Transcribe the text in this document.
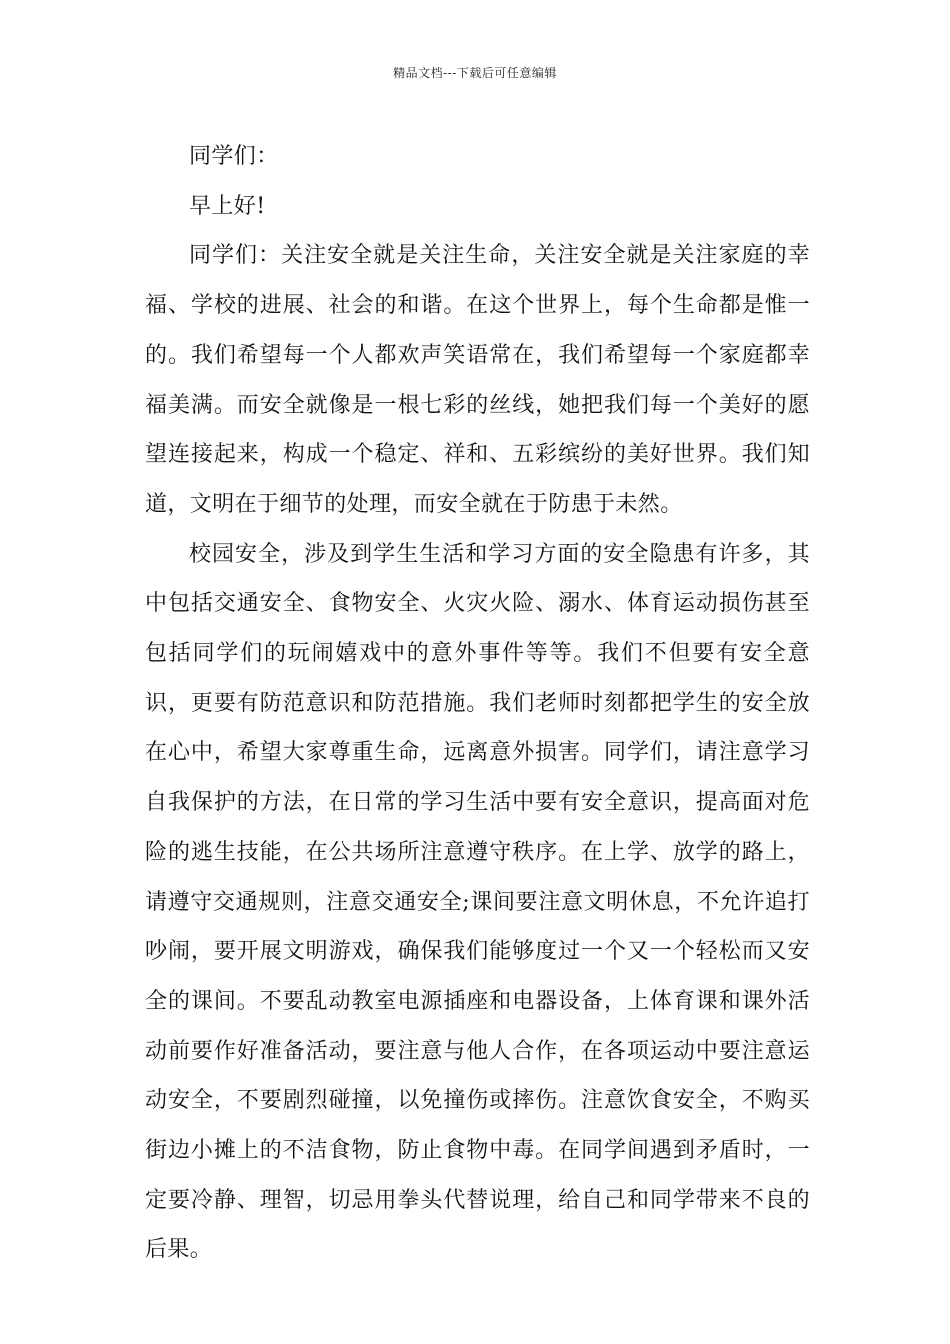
精品文档---下载后可任意编辑

同学们：

早上好!

同学们：关注安全就是关注生命，关注安全就是关注家庭的幸福、学校的进展、社会的和谐。在这个世界上，每个生命都是惟一的。我们希望每一个人都欢声笑语常在，我们希望每一个家庭都幸福美满。而安全就像是一根七彩的丝线，她把我们每一个美好的愿望连接起来，构成一个稳定、祥和、五彩缤纷的美好世界。我们知道，文明在于细节的处理，而安全就在于防患于未然。

校园安全，涉及到学生生活和学习方面的安全隐患有许多，其中包括交通安全、食物安全、火灾火险、溺水、体育运动损伤甚至包括同学们的玩闹嬉戏中的意外事件等等。我们不但要有安全意识，更要有防范意识和防范措施。我们老师时刻都把学生的安全放在心中，希望大家尊重生命，远离意外损害。同学们，请注意学习自我保护的方法，在日常的学习生活中要有安全意识，提高面对危险的逃生技能，在公共场所注意遵守秩序。在上学、放学的路上，请遵守交通规则，注意交通安全;课间要注意文明休息，不允许追打吵闹，要开展文明游戏，确保我们能够度过一个又一个轻松而又安全的课间。不要乱动教室电源插座和电器设备，上体育课和课外活动前要作好准备活动，要注意与他人合作，在各项运动中要注意运动安全，不要剧烈碰撞，以免撞伤或摔伤。注意饮食安全，不购买街边小摊上的不洁食物，防止食物中毒。在同学间遇到矛盾时，一定要冷静、理智，切忌用拳头代替说理，给自己和同学带来不良的后果。
